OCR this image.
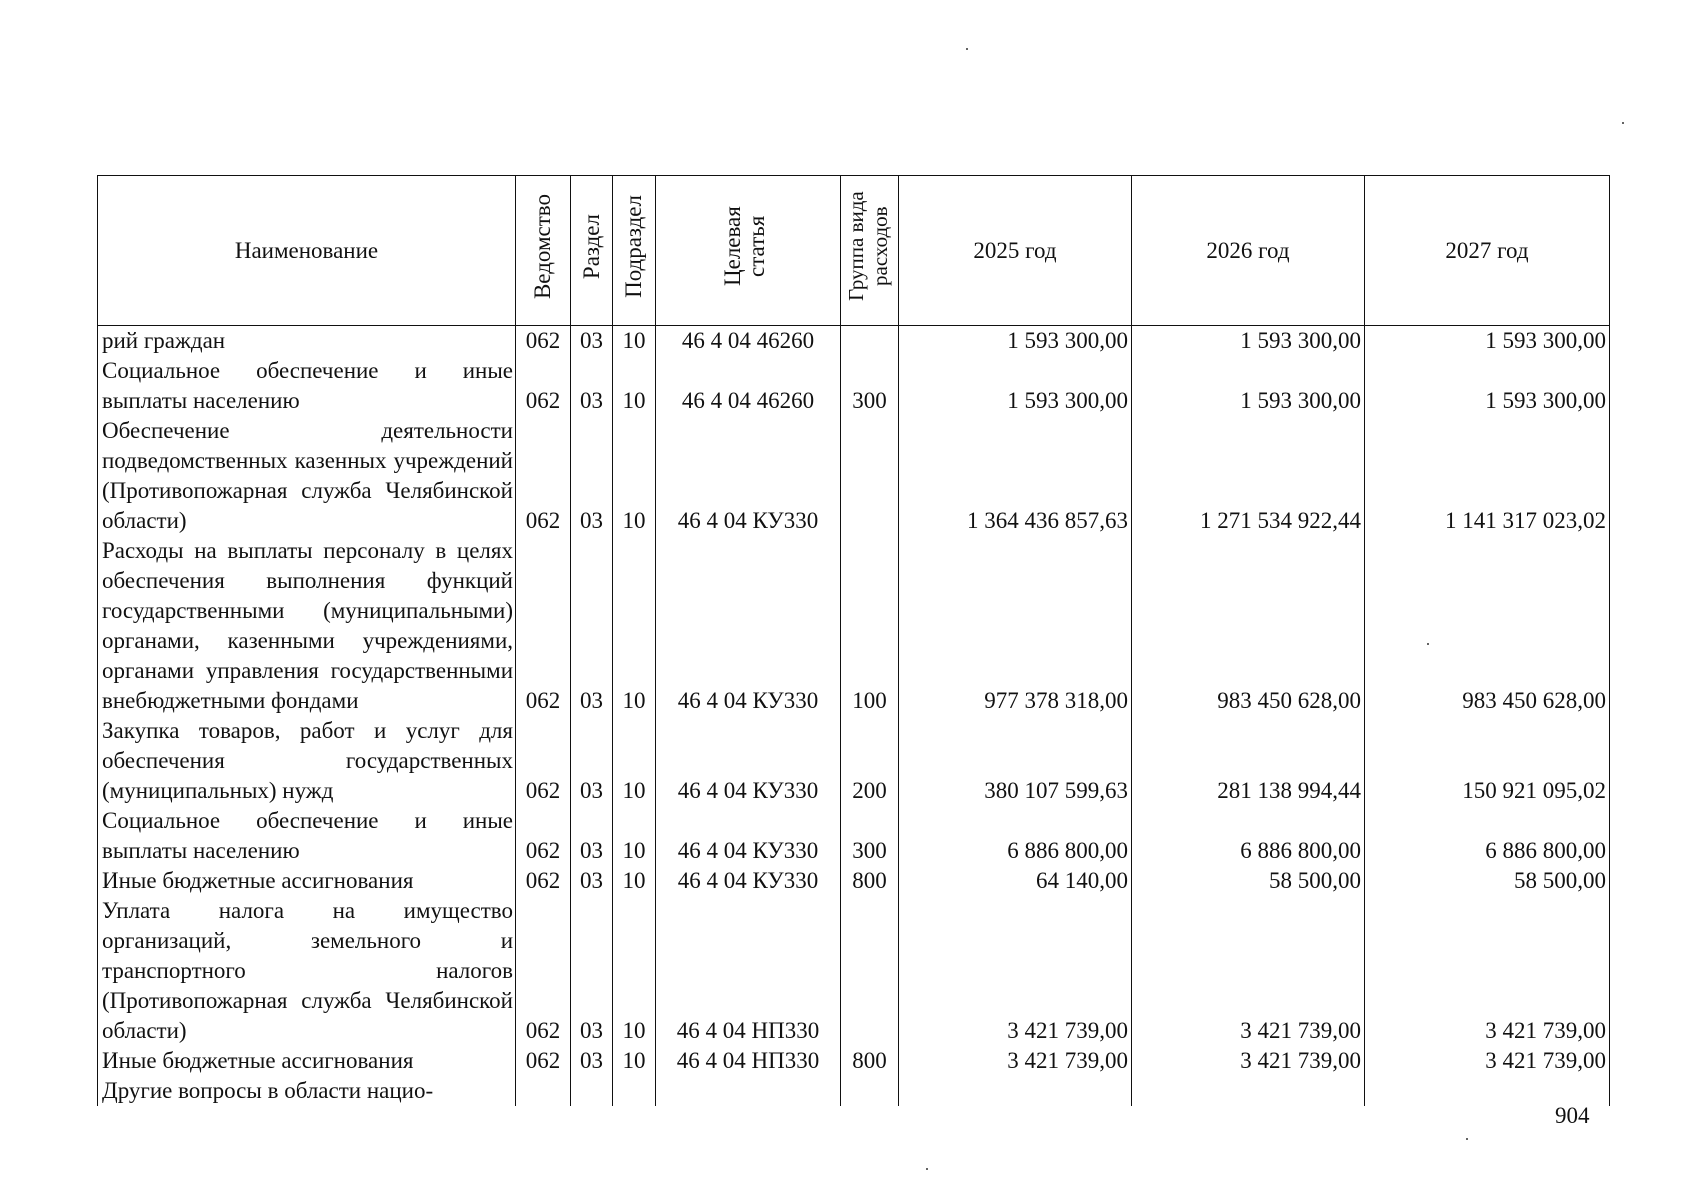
Наименование	Ведомство	Раздел	Подраздел	Целевая статья	Группа вида расходов	2025 год	2026 год	2027 год
рий граждан	062	03	10	46 4 04 46260		1 593 300,00	1 593 300,00	1 593 300,00
Социальное обеспечение и иные выплаты населению	062	03	10	46 4 04 46260	300	1 593 300,00	1 593 300,00	1 593 300,00
Обеспечение деятельности подведомственных казенных учреждений (Противопожарная служба Челябинской области)	062	03	10	46 4 04 КУ330		1 364 436 857,63	1 271 534 922,44	1 141 317 023,02
Расходы на выплаты персоналу в целях обеспечения выполнения функций государственными (муниципальными) органами, казенными учреждениями, органами управления государственными внебюджетными фондами	062	03	10	46 4 04 КУ330	100	977 378 318,00	983 450 628,00	983 450 628,00
Закупка товаров, работ и услуг для обеспечения государственных (муниципальных) нужд	062	03	10	46 4 04 КУ330	200	380 107 599,63	281 138 994,44	150 921 095,02
Социальное обеспечение и иные выплаты населению	062	03	10	46 4 04 КУ330	300	6 886 800,00	6 886 800,00	6 886 800,00
Иные бюджетные ассигнования	062	03	10	46 4 04 КУ330	800	64 140,00	58 500,00	58 500,00
Уплата налога на имущество организаций, земельного и транспортного налогов (Противопожарная служба Челябинской области)	062	03	10	46 4 04 НП330		3 421 739,00	3 421 739,00	3 421 739,00
Иные бюджетные ассигнования	062	03	10	46 4 04 НП330	800	3 421 739,00	3 421 739,00	3 421 739,00
Другие вопросы в области нацио-								
904
